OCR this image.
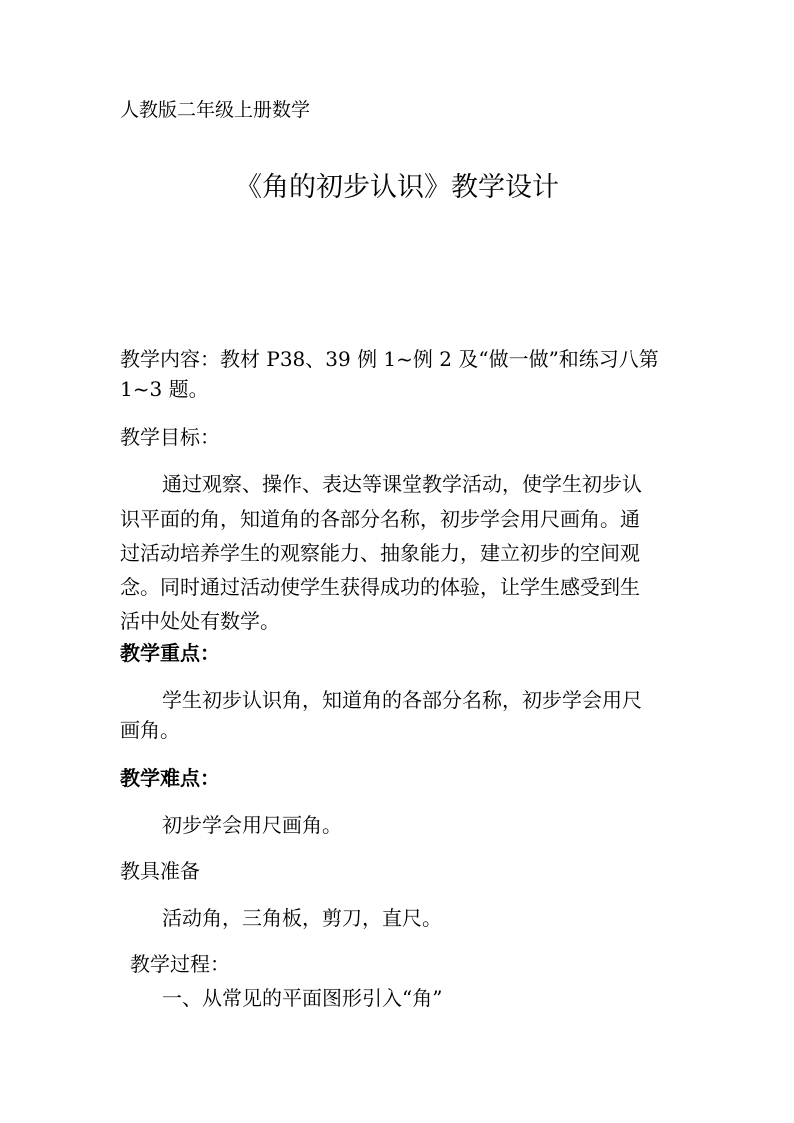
人教版二年级上册数学
《角的初步认识》教学设计
教学内容：教材 P38、39 例 1~例 2 及“做一做”和练习八第
1~3 题。
教学目标：
通过观察、操作、表达等课堂教学活动，使学生初步认
识平面的角，知道角的各部分名称，初步学会用尺画角。通
过活动培养学生的观察能力、抽象能力，建立初步的空间观
念。同时通过活动使学生获得成功的体验，让学生感受到生
活中处处有数学。
教学重点：
学生初步认识角，知道角的各部分名称，初步学会用尺
画角。
教学难点：
初步学会用尺画角。
教具准备
活动角，三角板，剪刀，直尺。
教学过程：
一、从常见的平面图形引入“角”
